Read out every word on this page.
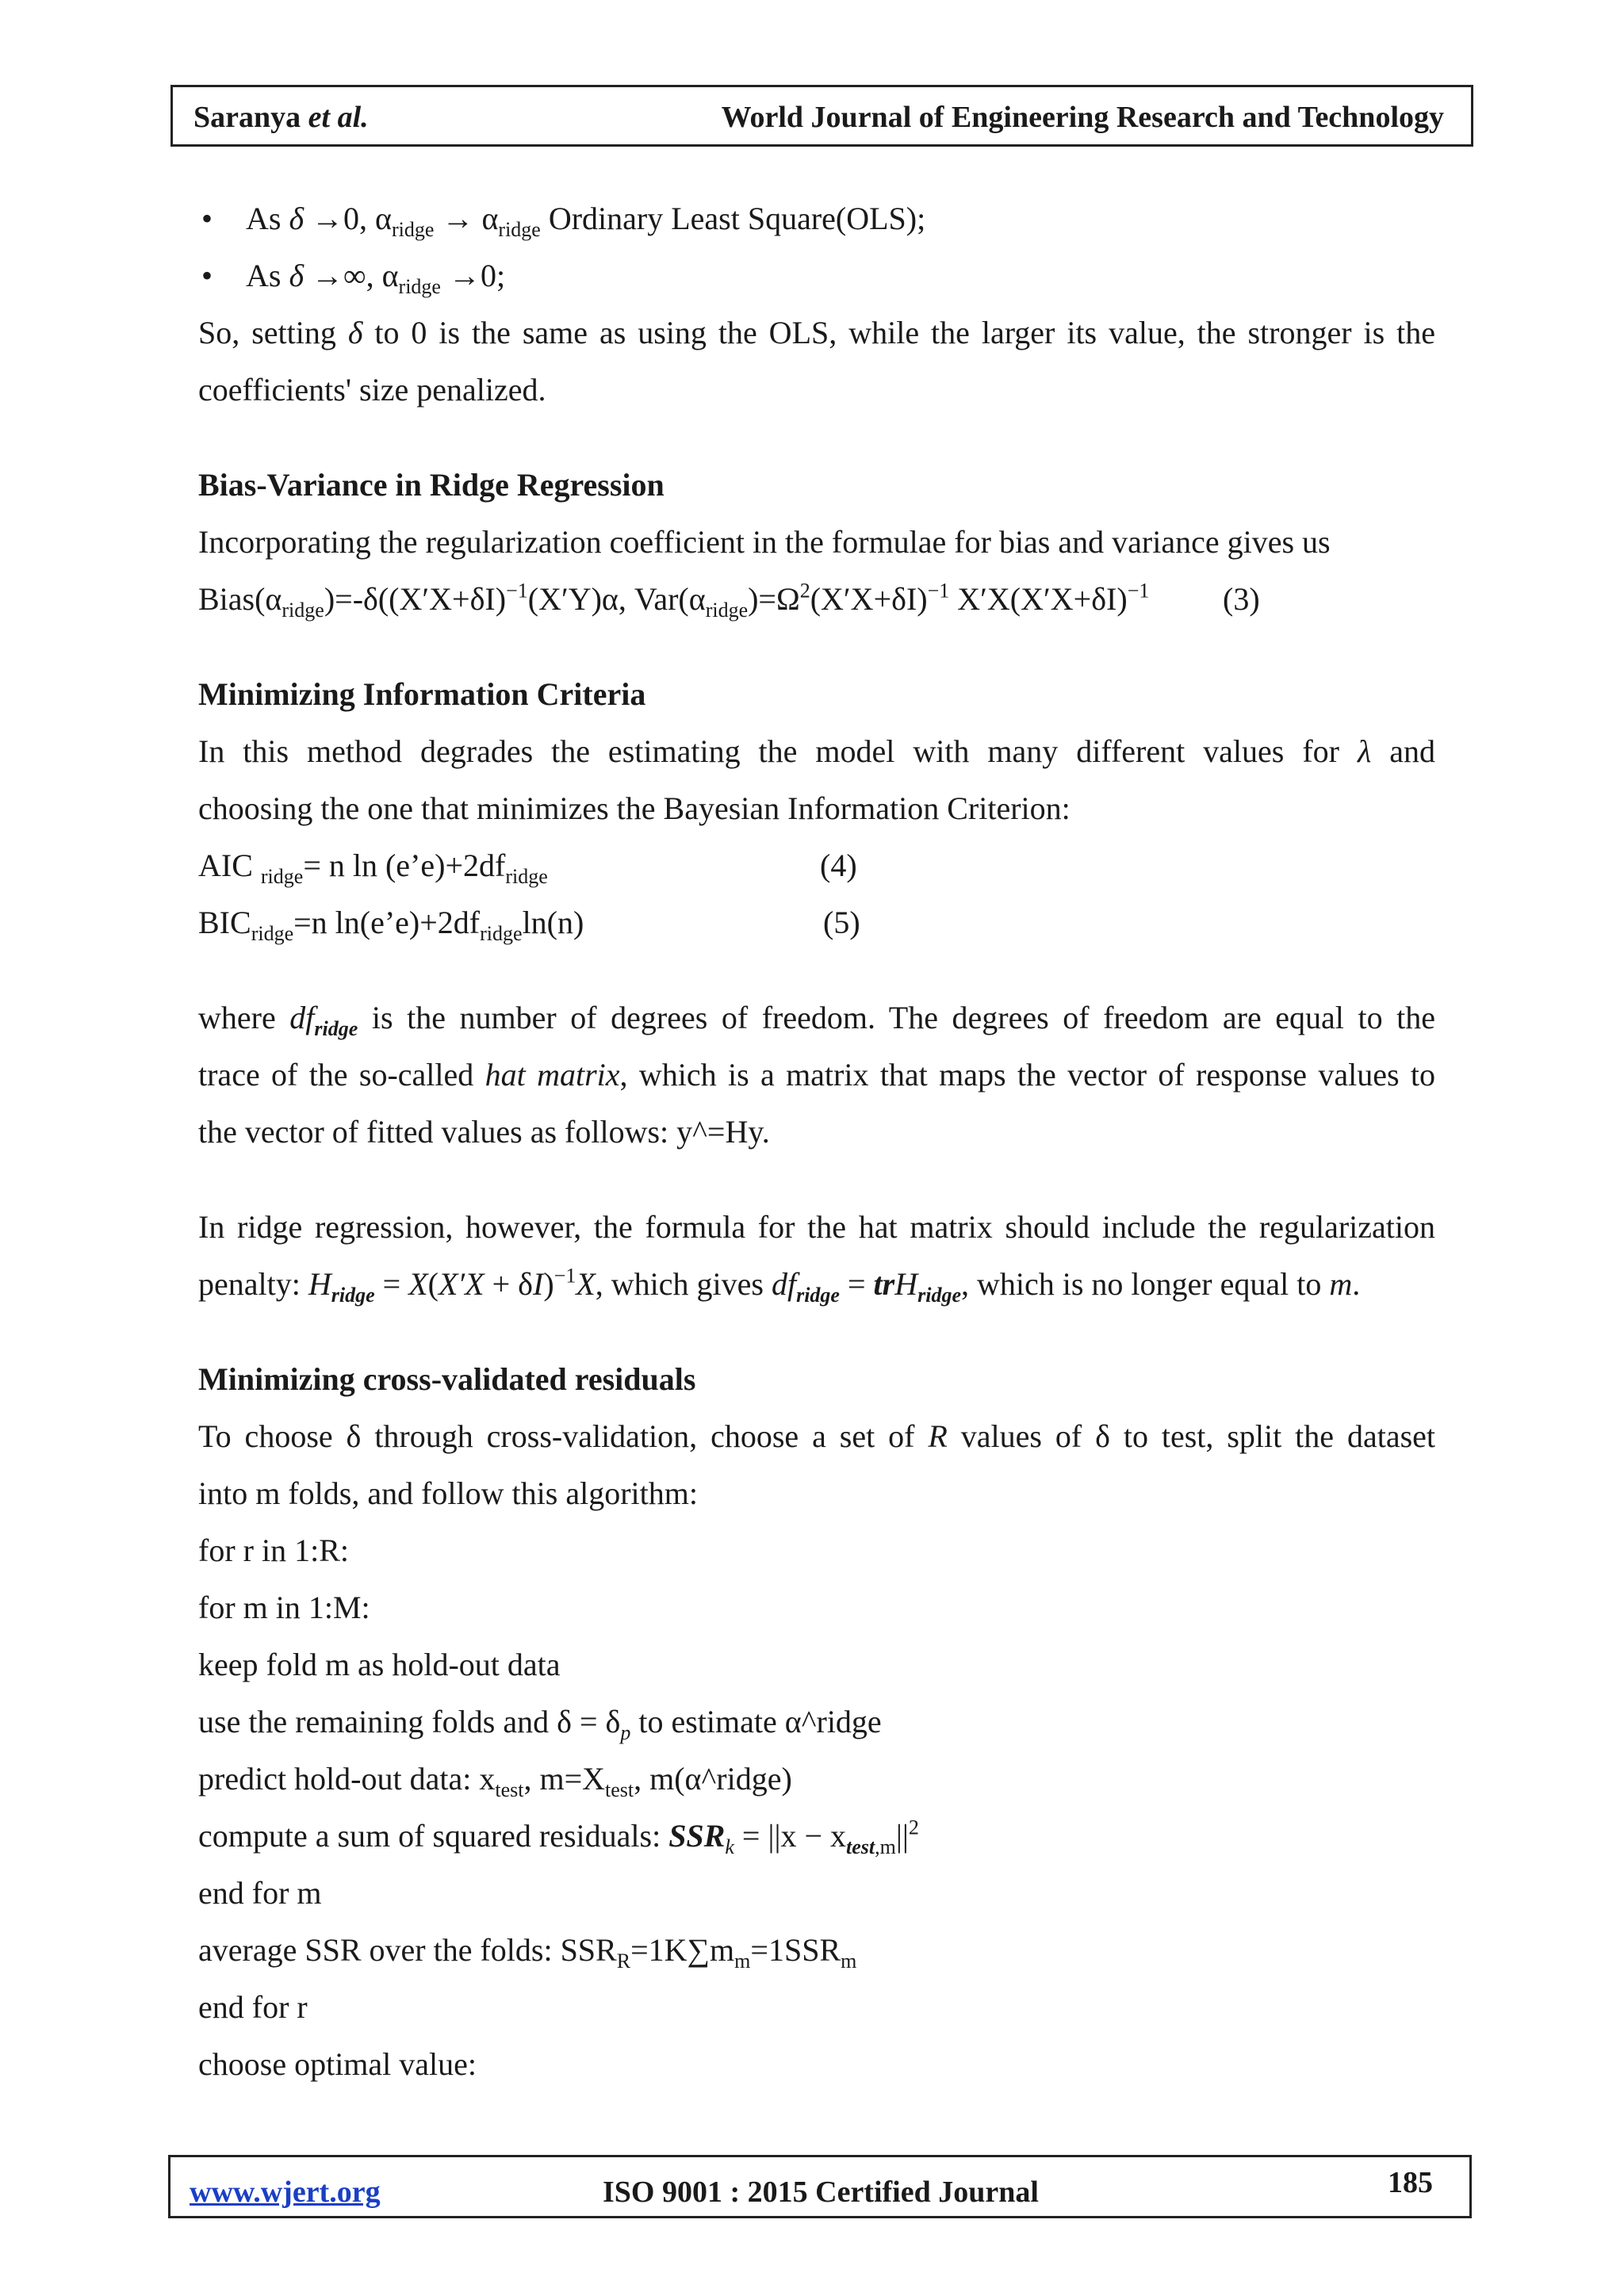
Saranya et al.	World Journal of Engineering Research and Technology
• As δ →0, $\alpha_{ridge} \to \alpha_{ridge}$ Ordinary Least Square(OLS);
• As δ →∞, $\alpha_{ridge} \to 0$;
So, setting δ to 0 is the same as using the OLS, while the larger its value, the stronger is the
coefficients' size penalized.
Bias-Variance in Ridge Regression
Incorporating the regularization coefficient in the formulae for bias and variance gives us
$Bias(\alpha_{ridge})=-\delta((X'X+\delta I)^{-1}(X'Y)\alpha$, $Var(\alpha_{ridge})=\Omega^2(X'X+\delta I)^{-1}$ $X'X(X'X+\delta I)^{-1}$ (3)
Minimizing Information Criteria
In this method degrades the estimating the model with many different values for λ and
choosing the one that minimizes the Bayesian Information Criterion:
AIC $_{ridge}$= n $\ln (e’e)+2df_{ridge}$	(4)
$BIC_{ridge}=n$ $\ln(e’e)+2df_{ridge}\ln(n)$	(5)
where $df_{ridge}$ is the number of degrees of freedom. The degrees of freedom are equal to the
trace of the so-called hat matrix, which is a matrix that maps the vector of response values to
the vector of fitted values as follows: y^=Hy.
In ridge regression, however, the formula for the hat matrix should include the regularization
penalty: $H_{ridge} = X(X'X + \delta I)^{-1}X$, which gives $df_{ridge} = trH_{ridge}$, which is no longer equal to m.
Minimizing cross-validated residuals
To choose δ through cross-validation, choose a set of R values of δ to test, split the dataset
into m folds, and follow this algorithm:
for r in 1:R:
for m in 1:M:
keep fold m as hold-out data
use the remaining folds and $\delta = \delta_p$ to estimate α^ridge
predict hold-out data: $x_{test}$, $m=X_{test}$, m(α^ridge)
compute a sum of squared residuals: $SSR_k = ||x - x_{test,m}||^2$
end for m
average SSR over the folds: $SSR_R=1K\sum m_m=1SSR_m$
end for r
choose optimal value:
www.wjert.org	ISO 9001 : 2015 Certified Journal	185
